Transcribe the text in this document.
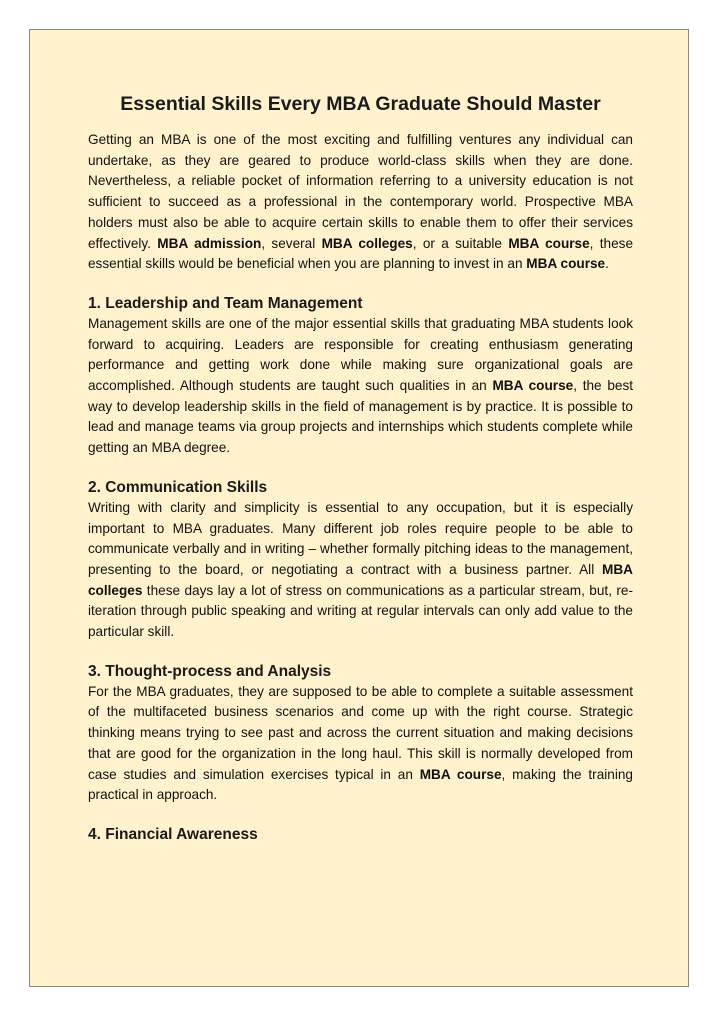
Essential Skills Every MBA Graduate Should Master

Getting an MBA is one of the most exciting and fulfilling ventures any individual can undertake, as they are geared to produce world-class skills when they are done. Nevertheless, a reliable pocket of information referring to a university education is not sufficient to succeed as a professional in the contemporary world. Prospective MBA holders must also be able to acquire certain skills to enable them to offer their services effectively. MBA admission, several MBA colleges, or a suitable MBA course, these essential skills would be beneficial when you are planning to invest in an MBA course.

1. Leadership and Team Management

Management skills are one of the major essential skills that graduating MBA students look forward to acquiring. Leaders are responsible for creating enthusiasm generating performance and getting work done while making sure organizational goals are accomplished. Although students are taught such qualities in an MBA course, the best way to develop leadership skills in the field of management is by practice. It is possible to lead and manage teams via group projects and internships which students complete while getting an MBA degree.

2. Communication Skills

Writing with clarity and simplicity is essential to any occupation, but it is especially important to MBA graduates. Many different job roles require people to be able to communicate verbally and in writing – whether formally pitching ideas to the management, presenting to the board, or negotiating a contract with a business partner. All MBA colleges these days lay a lot of stress on communications as a particular stream, but, re-iteration through public speaking and writing at regular intervals can only add value to the particular skill.

3. Thought-process and Analysis

For the MBA graduates, they are supposed to be able to complete a suitable assessment of the multifaceted business scenarios and come up with the right course. Strategic thinking means trying to see past and across the current situation and making decisions that are good for the organization in the long haul. This skill is normally developed from case studies and simulation exercises typical in an MBA course, making the training practical in approach.

4. Financial Awareness
